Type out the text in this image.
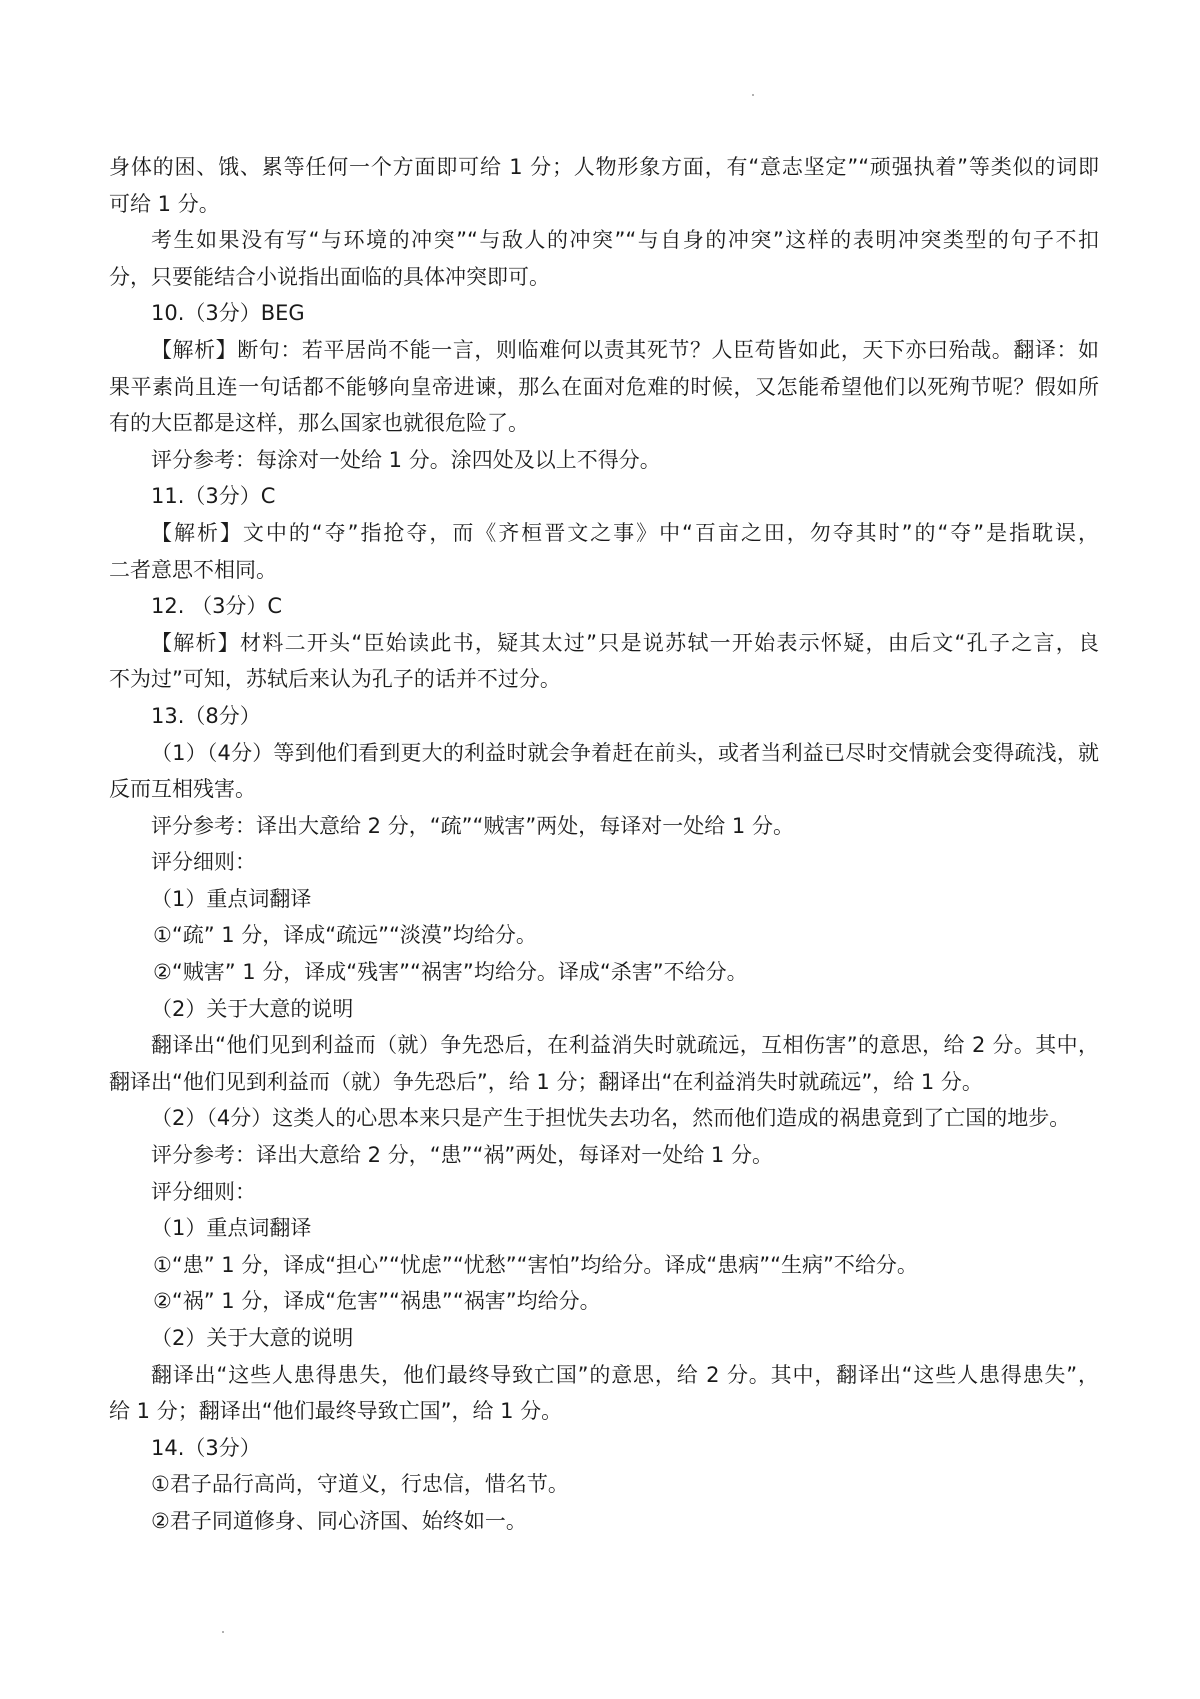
身体的困、饿、累等任何一个方面即可给 1 分；人物形象方面，有“意志坚定”“顽强执着”等类似的词即

可给 1 分。

考生如果没有写“与环境的冲突”“与敌人的冲突”“与自身的冲突”这样的表明冲突类型的句子不扣

分，只要能结合小说指出面临的具体冲突即可。

10.（3分）BEG

【解析】断句：若平居尚不能一言，则临难何以责其死节？人臣苟皆如此，天下亦曰殆哉。翻译：如

果平素尚且连一句话都不能够向皇帝进谏，那么在面对危难的时候，又怎能希望他们以死殉节呢？假如所

有的大臣都是这样，那么国家也就很危险了。

评分参考：每涂对一处给 1 分。涂四处及以上不得分。

11.（3分）C

【解析】文中的“夺”指抢夺，而《齐桓晋文之事》中“百亩之田，勿夺其时”的“夺”是指耽误，

二者意思不相同。

12. （3分）C

【解析】材料二开头“臣始读此书，疑其太过”只是说苏轼一开始表示怀疑，由后文“孔子之言，良

不为过”可知，苏轼后来认为孔子的话并不过分。

13.（8分）

（1）（4分）等到他们看到更大的利益时就会争着赶在前头，或者当利益已尽时交情就会变得疏浅，就

反而互相残害。

评分参考：译出大意给 2 分，“疏”“贼害”两处，每译对一处给 1 分。

评分细则：

（1）重点词翻译

①“疏” 1 分，译成“疏远”“淡漠”均给分。

②“贼害” 1 分，译成“残害”“祸害”均给分。译成“杀害”不给分。

（2）关于大意的说明

翻译出“他们见到利益而（就）争先恐后，在利益消失时就疏远，互相伤害”的意思，给 2 分。其中，

翻译出“他们见到利益而（就）争先恐后”，给 1 分；翻译出“在利益消失时就疏远”，给 1 分。

（2）（4分）这类人的心思本来只是产生于担忧失去功名，然而他们造成的祸患竟到了亡国的地步。

评分参考：译出大意给 2 分，“患”“祸”两处，每译对一处给 1 分。

评分细则：

（1）重点词翻译

①“患” 1 分，译成“担心”“忧虑”“忧愁”“害怕”均给分。译成“患病”“生病”不给分。

②“祸” 1 分，译成“危害”“祸患”“祸害”均给分。

（2）关于大意的说明

翻译出“这些人患得患失，他们最终导致亡国”的意思，给 2 分。其中，翻译出“这些人患得患失”，

给 1 分；翻译出“他们最终导致亡国”，给 1 分。

14.（3分）

①君子品行高尚，守道义，行忠信，惜名节。

②君子同道修身、同心济国、始终如一。
